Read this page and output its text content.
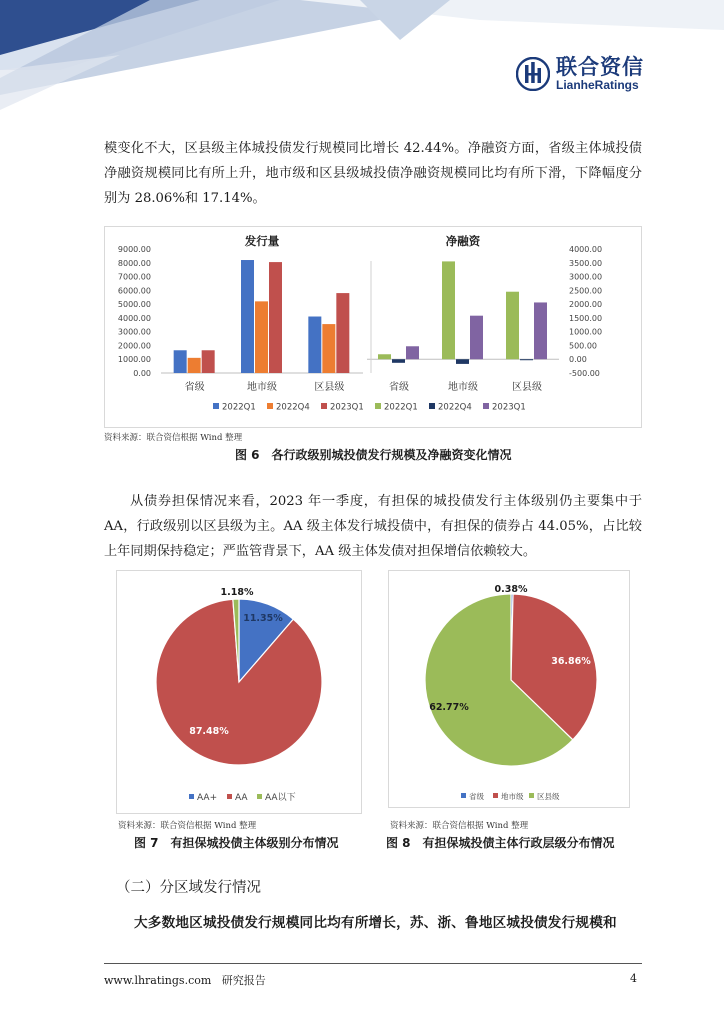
联合资信
LianheRatings

模变化不大，区县级主体城投债发行规模同比增长 42.44%。净融资方面，省级主体城投债净融资规模同比有所上升，地市级和区县级城投债净融资规模同比均有所下滑，下降幅度分别为 28.06%和 17.14%。

0.00
1000.00
2000.00
3000.00
4000.00
5000.00
6000.00
7000.00
8000.00
9000.00
发行量
省级	地市级	区县级
-500.00
0.00
500.00
1000.00
1500.00
2000.00
2500.00
3000.00
3500.00
4000.00
净融资
省级	地市级	区县级
2022Q1 2022Q4 2023Q1 2022Q1 2022Q4 2023Q1
资料来源：联合资信根据 Wind 整理
图 6　各行政级别城投债发行规模及净融资变化情况

从债券担保情况来看，2023 年一季度，有担保的城投债发行主体级别仍主要集中于 AA，行政级别以区县级为主。AA 级主体发行城投债中，有担保的债券占 44.05%，占比较上年同期保持稳定；严监管背景下，AA 级主体发债对担保增信依赖较大。

11.35%
87.48%
1.18%
AA+ AA AA以下
资料来源：联合资信根据 Wind 整理
图 7　有担保城投债主体级别分布情况
0.38%
36.86%
62.77%
省级 地市级 区县级
资料来源：联合资信根据 Wind 整理
图 8　有担保城投债主体行政层级分布情况
（二）分区域发行情况
大多数地区城投债发行规模同比均有所增长，苏、浙、鲁地区城投债发行规模和
www.lhratings.com 研究报告	4
